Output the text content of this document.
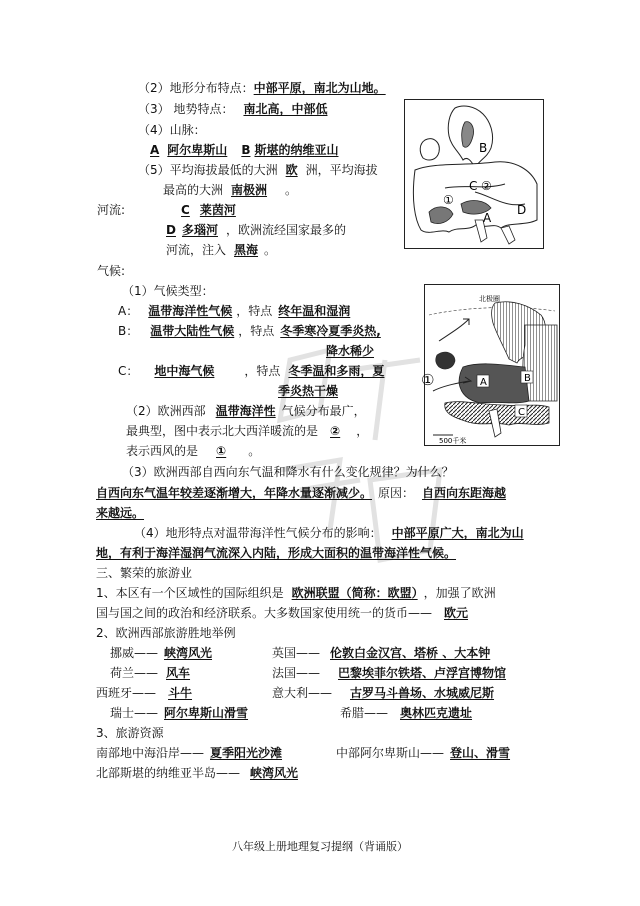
B
A
C ②
①
D
北极圈
A	B
C
500千米
①
（2）地形分布特点：中部平原，南北为山地。
（3） 地势特点： 南北高，中部低
（4）山脉：
A 阿尔卑斯山 B 斯堪的纳维亚山
（5）平均海拔最低的大洲 欧 洲，平均海拔
最高的大洲 南极洲 。
河流:	C 莱茵河
D 多瑙河 ，欧洲流经国家最多的
河流，注入 黑海 。
气候:
（1）气候类型：
A： 温带海洋性气候 ，特点 终年温和湿润
B： 温带大陆性气候 ，特点 冬季寒冷夏季炎热,
降水稀少
C： 地中海气候	，特点 冬季温和多雨，夏
季炎热干燥
（2）欧洲西部 温带海洋性 气候分布最广，
最典型，图中表示北大西洋暖流的是 ② ，
表示西风的是 ① 。
（3）欧洲西部自西向东气温和降水有什么变化规律？为什么？
自西向东气温年较差逐渐增大，年降水量逐渐减少。 原因： 自西向东距海越
来越远。
（4）地形特点对温带海洋性气候分布的影响： 中部平原广大，南北为山
地，有利于海洋湿润气流深入内陆，形成大面积的温带海洋性气候。
三、繁荣的旅游业
1、本区有一个区域性的国际组织是 欧洲联盟（简称：欧盟） ，加强了欧洲
国与国之间的政治和经济联系。大多数国家使用统一的货币—— 欧元
2、欧洲西部旅游胜地举例
挪威—— 峡湾风光	英国—— 伦敦白金汉宫、塔桥 、大本钟
荷兰—— 风车	法国—— 巴黎埃菲尔铁塔、卢浮宫博物馆
西班牙—— 斗牛	意大利—— 古罗马斗兽场、水城威尼斯
瑞士—— 阿尔卑斯山滑雪	希腊—— 奥林匹克遗址
3、旅游资源
南部地中海沿岸—— 夏季阳光沙滩	中部阿尔卑斯山—— 登山、滑雪
北部斯堪的纳维亚半岛—— 峡湾风光
八年级上册地理复习提纲（背诵版）
